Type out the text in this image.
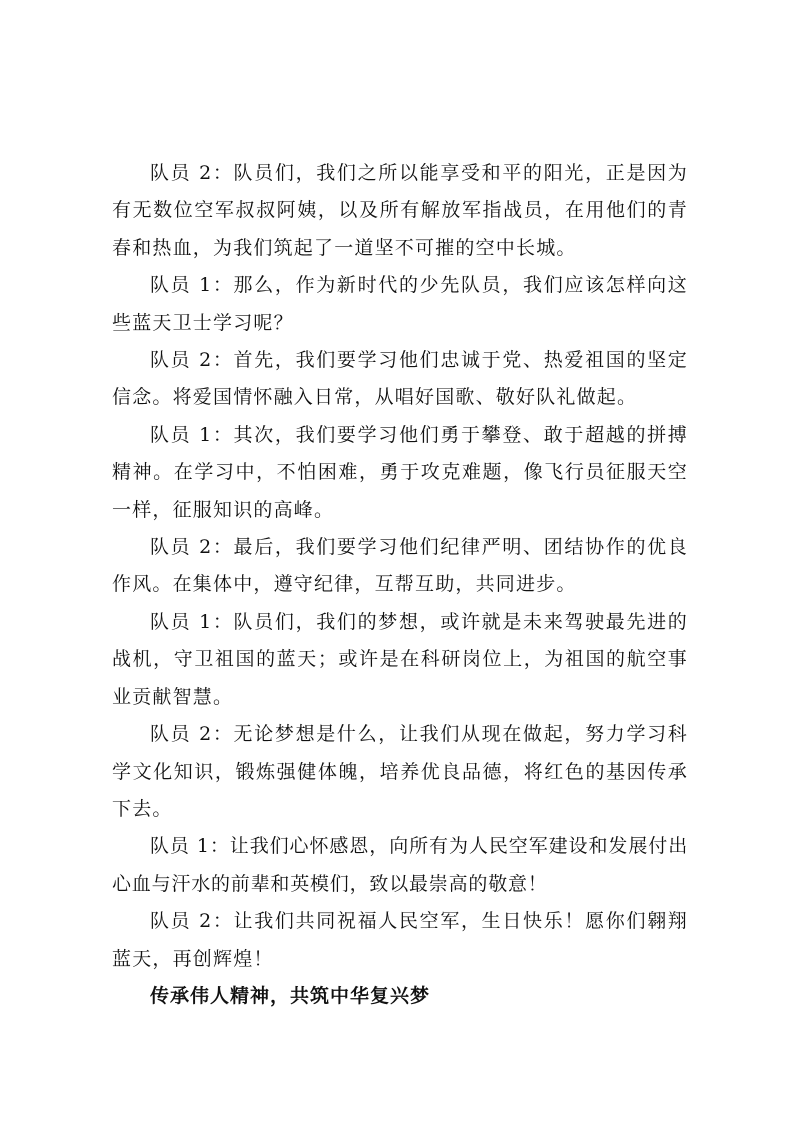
队员 2：队员们，我们之所以能享受和平的阳光，正是因为有无数位空军叔叔阿姨，以及所有解放军指战员，在用他们的青春和热血，为我们筑起了一道坚不可摧的空中长城。

队员 1：那么，作为新时代的少先队员，我们应该怎样向这些蓝天卫士学习呢？

队员 2：首先，我们要学习他们忠诚于党、热爱祖国的坚定信念。将爱国情怀融入日常，从唱好国歌、敬好队礼做起。

队员 1：其次，我们要学习他们勇于攀登、敢于超越的拼搏精神。在学习中，不怕困难，勇于攻克难题，像飞行员征服天空一样，征服知识的高峰。

队员 2：最后，我们要学习他们纪律严明、团结协作的优良作风。在集体中，遵守纪律，互帮互助，共同进步。

队员 1：队员们，我们的梦想，或许就是未来驾驶最先进的战机，守卫祖国的蓝天；或许是在科研岗位上，为祖国的航空事业贡献智慧。

队员 2：无论梦想是什么，让我们从现在做起，努力学习科学文化知识，锻炼强健体魄，培养优良品德，将红色的基因传承下去。

队员 1：让我们心怀感恩，向所有为人民空军建设和发展付出心血与汗水的前辈和英模们，致以最崇高的敬意！

队员 2：让我们共同祝福人民空军，生日快乐！愿你们翱翔蓝天，再创辉煌！

传承伟人精神，共筑中华复兴梦
